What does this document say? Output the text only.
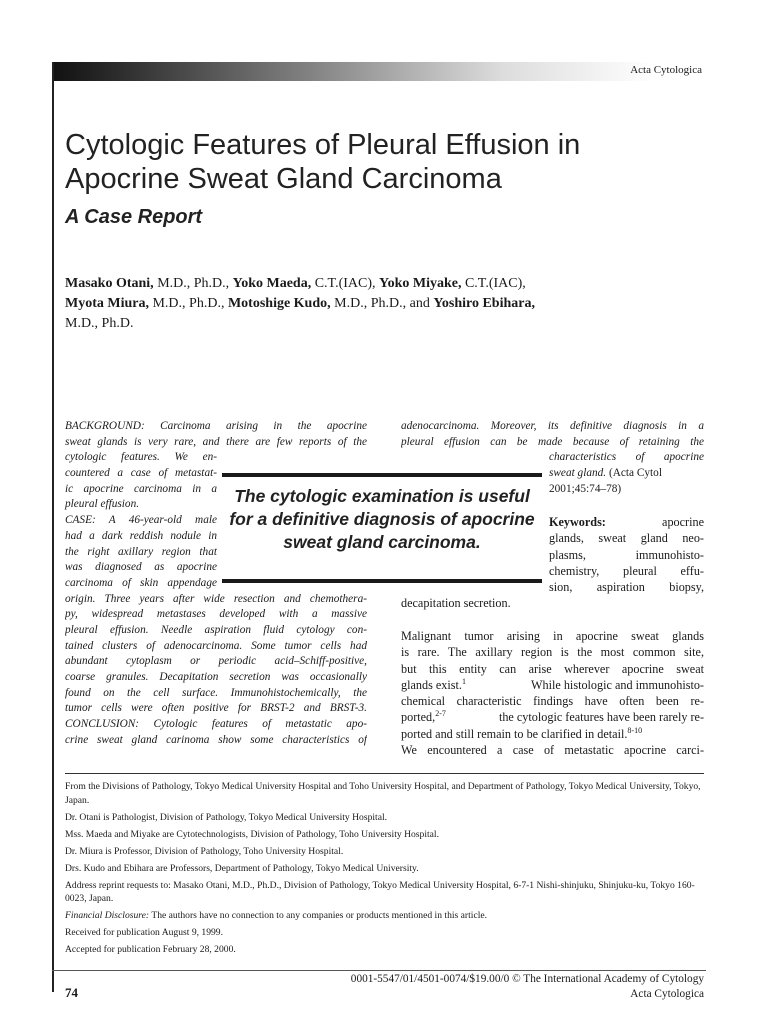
Acta Cytologica
Cytologic Features of Pleural Effusion in
Apocrine Sweat Gland Carcinoma
A Case Report
Masako Otani, M.D., Ph.D., Yoko Maeda, C.T.(IAC), Yoko Miyake, C.T.(IAC),
Myota Miura, M.D., Ph.D., Motoshige Kudo, M.D., Ph.D., and Yoshiro Ebihara,
M.D., Ph.D.
BACKGROUND: Carcinoma arising in the apocrine
sweat glands is very rare, and there are few reports of the
cytologic features. We en-
countered a case of metastat-
ic apocrine carcinoma in a
pleural effusion.
CASE: A 46-year-old male
had a dark reddish nodule in
the right axillary region that
was diagnosed as apocrine
carcinoma of skin appendage
origin. Three years after wide resection and chemothera-
py, widespread metastases developed with a massive
pleural effusion. Needle aspiration fluid cytology con-
tained clusters of adenocarcinoma. Some tumor cells had
abundant cytoplasm or periodic acid–Schiff-positive,
coarse granules. Decapitation secretion was occasionally
found on the cell surface. Immunohistochemically, the
tumor cells were often positive for BRST-2 and BRST-3.
CONCLUSION: Cytologic features of metastatic apo-
crine sweat gland carinoma show some characteristics of
adenocarcinoma. Moreover, its definitive diagnosis in a
pleural effusion can be made because of retaining the
characteristics of apocrine
sweat gland. (Acta Cytol
2001;45:74–78)
Keywords:	apocrine
glands, sweat gland neo-
plasms, immunohisto-
chemistry, pleural effu-
sion, aspiration biopsy,
decapitation secretion.
The cytologic examination is useful
for a definitive diagnosis of apocrine
sweat gland carcinoma.
Malignant tumor arising in apocrine sweat glands
is rare. The axillary region is the most common site,
but this entity can arise wherever apocrine sweat
glands exist.$^1$	While histologic and immunohisto-
chemical characteristic findings have often been re-
ported,$^{2-7}$	the cytologic features have been rarely re-
ported and still remain to be clarified in detail.$^{8-10}$
We encountered a case of metastatic apocrine carci-

From the Divisions of Pathology, Tokyo Medical University Hospital and Toho University Hospital, and Department of Pathology, Tokyo Medical University, Tokyo, Japan.

Dr. Otani is Pathologist, Division of Pathology, Tokyo Medical University Hospital.

Mss. Maeda and Miyake are Cytotechnologists, Division of Pathology, Toho University Hospital.

Dr. Miura is Professor, Division of Pathology, Toho University Hospital.

Drs. Kudo and Ebihara are Professors, Department of Pathology, Tokyo Medical University.

Address reprint requests to: Masako Otani, M.D., Ph.D., Division of Pathology, Tokyo Medical University Hospital, 6-7-1 Nishi-shinjuku, Shinjuku-ku, Tokyo 160-0023, Japan.

Financial Disclosure: The authors have no connection to any companies or products mentioned in this article.

Received for publication August 9, 1999.

Accepted for publication February 28, 2000.

0001-5547/01/4501-0074/$19.00/0 © The International Academy of Cytology
Acta Cytologica
74
